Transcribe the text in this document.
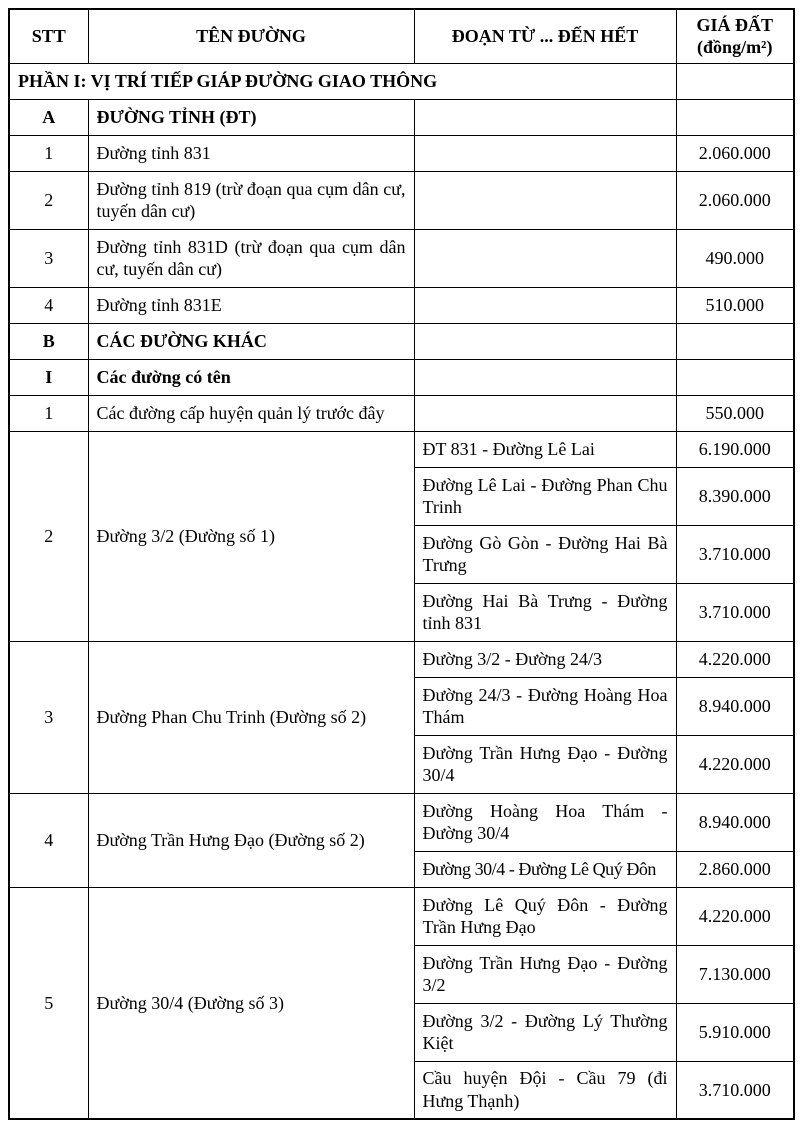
STT	TÊN ĐƯỜNG	ĐOẠN TỪ ... ĐẾN HẾT	GIÁ ĐẤT
(đồng/m²)

PHẦN I: VỊ TRÍ TIẾP GIÁP ĐƯỜNG GIAO THÔNG			
A	ĐƯỜNG TỈNH (ĐT)		
1	Đường tỉnh 831		2.060.000
2	Đường tỉnh 819 (trừ đoạn qua cụm dân cư, tuyến dân cư)		2.060.000
3	Đường tỉnh 831D (trừ đoạn qua cụm dân cư, tuyến dân cư)		490.000
4	Đường tỉnh 831E		510.000
B	CÁC ĐƯỜNG KHÁC		
I	Các đường có tên		
1	Các đường cấp huyện quản lý trước đây		550.000
2	Đường 3/2 (Đường số 1)	ĐT 831 - Đường Lê Lai	6.190.000
		Đường Lê Lai - Đường Phan Chu Trinh	8.390.000
		Đường Gò Gòn - Đường Hai Bà Trưng	3.710.000
		Đường Hai Bà Trưng - Đường tỉnh 831	3.710.000
3	Đường Phan Chu Trinh (Đường số 2)	Đường 3/2 - Đường 24/3	4.220.000
		Đường 24/3 - Đường Hoàng Hoa Thám	8.940.000
		Đường Trần Hưng Đạo - Đường 30/4	4.220.000
4	Đường Trần Hưng Đạo (Đường số 2)	Đường Hoàng Hoa Thám - Đường 30/4	8.940.000
		Đường 30/4 - Đường Lê Quý Đôn	2.860.000
5	Đường 30/4 (Đường số 3)	Đường Lê Quý Đôn - Đường Trần Hưng Đạo	4.220.000
		Đường Trần Hưng Đạo - Đường 3/2	7.130.000
		Đường 3/2 - Đường Lý Thường Kiệt	5.910.000
		Cầu huyện Đội - Cầu 79 (đi Hưng Thạnh)	3.710.000
